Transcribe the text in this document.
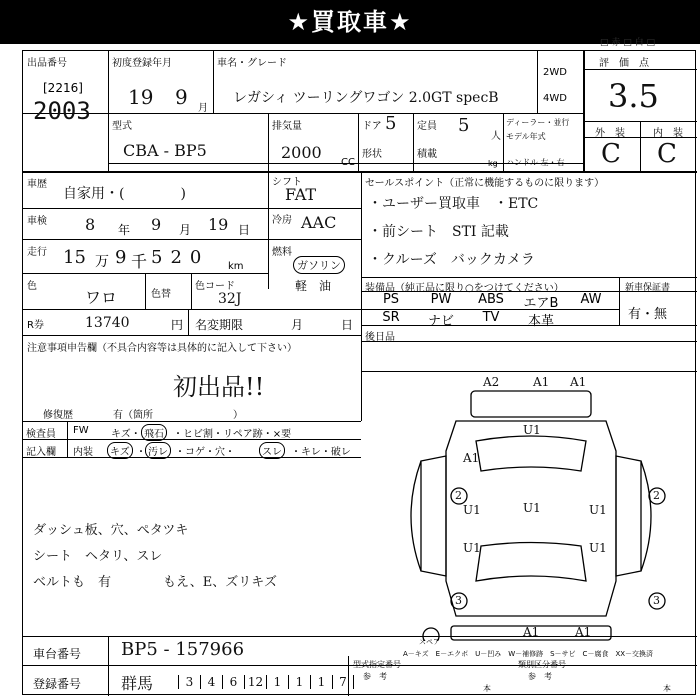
★買取車★
□ 赤 □ 白 □
出品番号
[2216]
2003
初度登録年月
19 9 月
車名・グレード
レガシィ ツーリングワゴン 2.0GT specB
2WD
4WD
評　価　点
3.5
外　装	内　装
C C
型式
CBA - BP5
排気量
2000
CC
ドア 5 定員 5
人
ディーラー・並行
モデル年式
形状	積載
kg ハンドル 左・右
車歴
自家用・(　　　　)
車検 8 年 9 月 19 日
走行 15 万 9 千 520 km
色
ワロ	色替
色コード
32J
シフト
FAT
冷房 AAC
燃料
ガソリン
軽　油
R券	13740	円 名変期限	月	日
注意事項申告欄（不具合内容等は具体的に記入して下さい）
初出品!!
修復歴	有（箇所　　　　　　　　）
検査員
記入欄
FW キズ・ 飛石 ・ヒビ割・リペア跡・×要
内装	キズ ・ 汚レ ・コゲ・穴・	スレ ・キレ・破レ
ダッシュ板、穴、ペタツキ
シート　ヘタリ、スレ
ベルトも　有　　　　もえ、E、ズリキズ
車台番号 BP5 - 157966
登録番号 群馬	3	4	6 12 1	1	1	7
型式指定番号
参　考
類別区分番号
参　考
本	本
セールスポイント（正常に機能するものに限ります）
・ユーザー買取車　・ETC
・前シート　STI 記載
・クルーズ　バックカメラ
装備品（純正品に限り○をつけてください）
PS	PW	ABS	エアB	AW
SR	ナビ	TV	本革
新車保証書
有・無
後日品
A2	A1 A1
U1
A1
U1
U1	U1
U1
U1
2	2
3	3
A1	A1
スペア
A－キズ　E－エクボ　U－凹み　W－補修跡　S－サビ　C－腐食　XX－交換済
